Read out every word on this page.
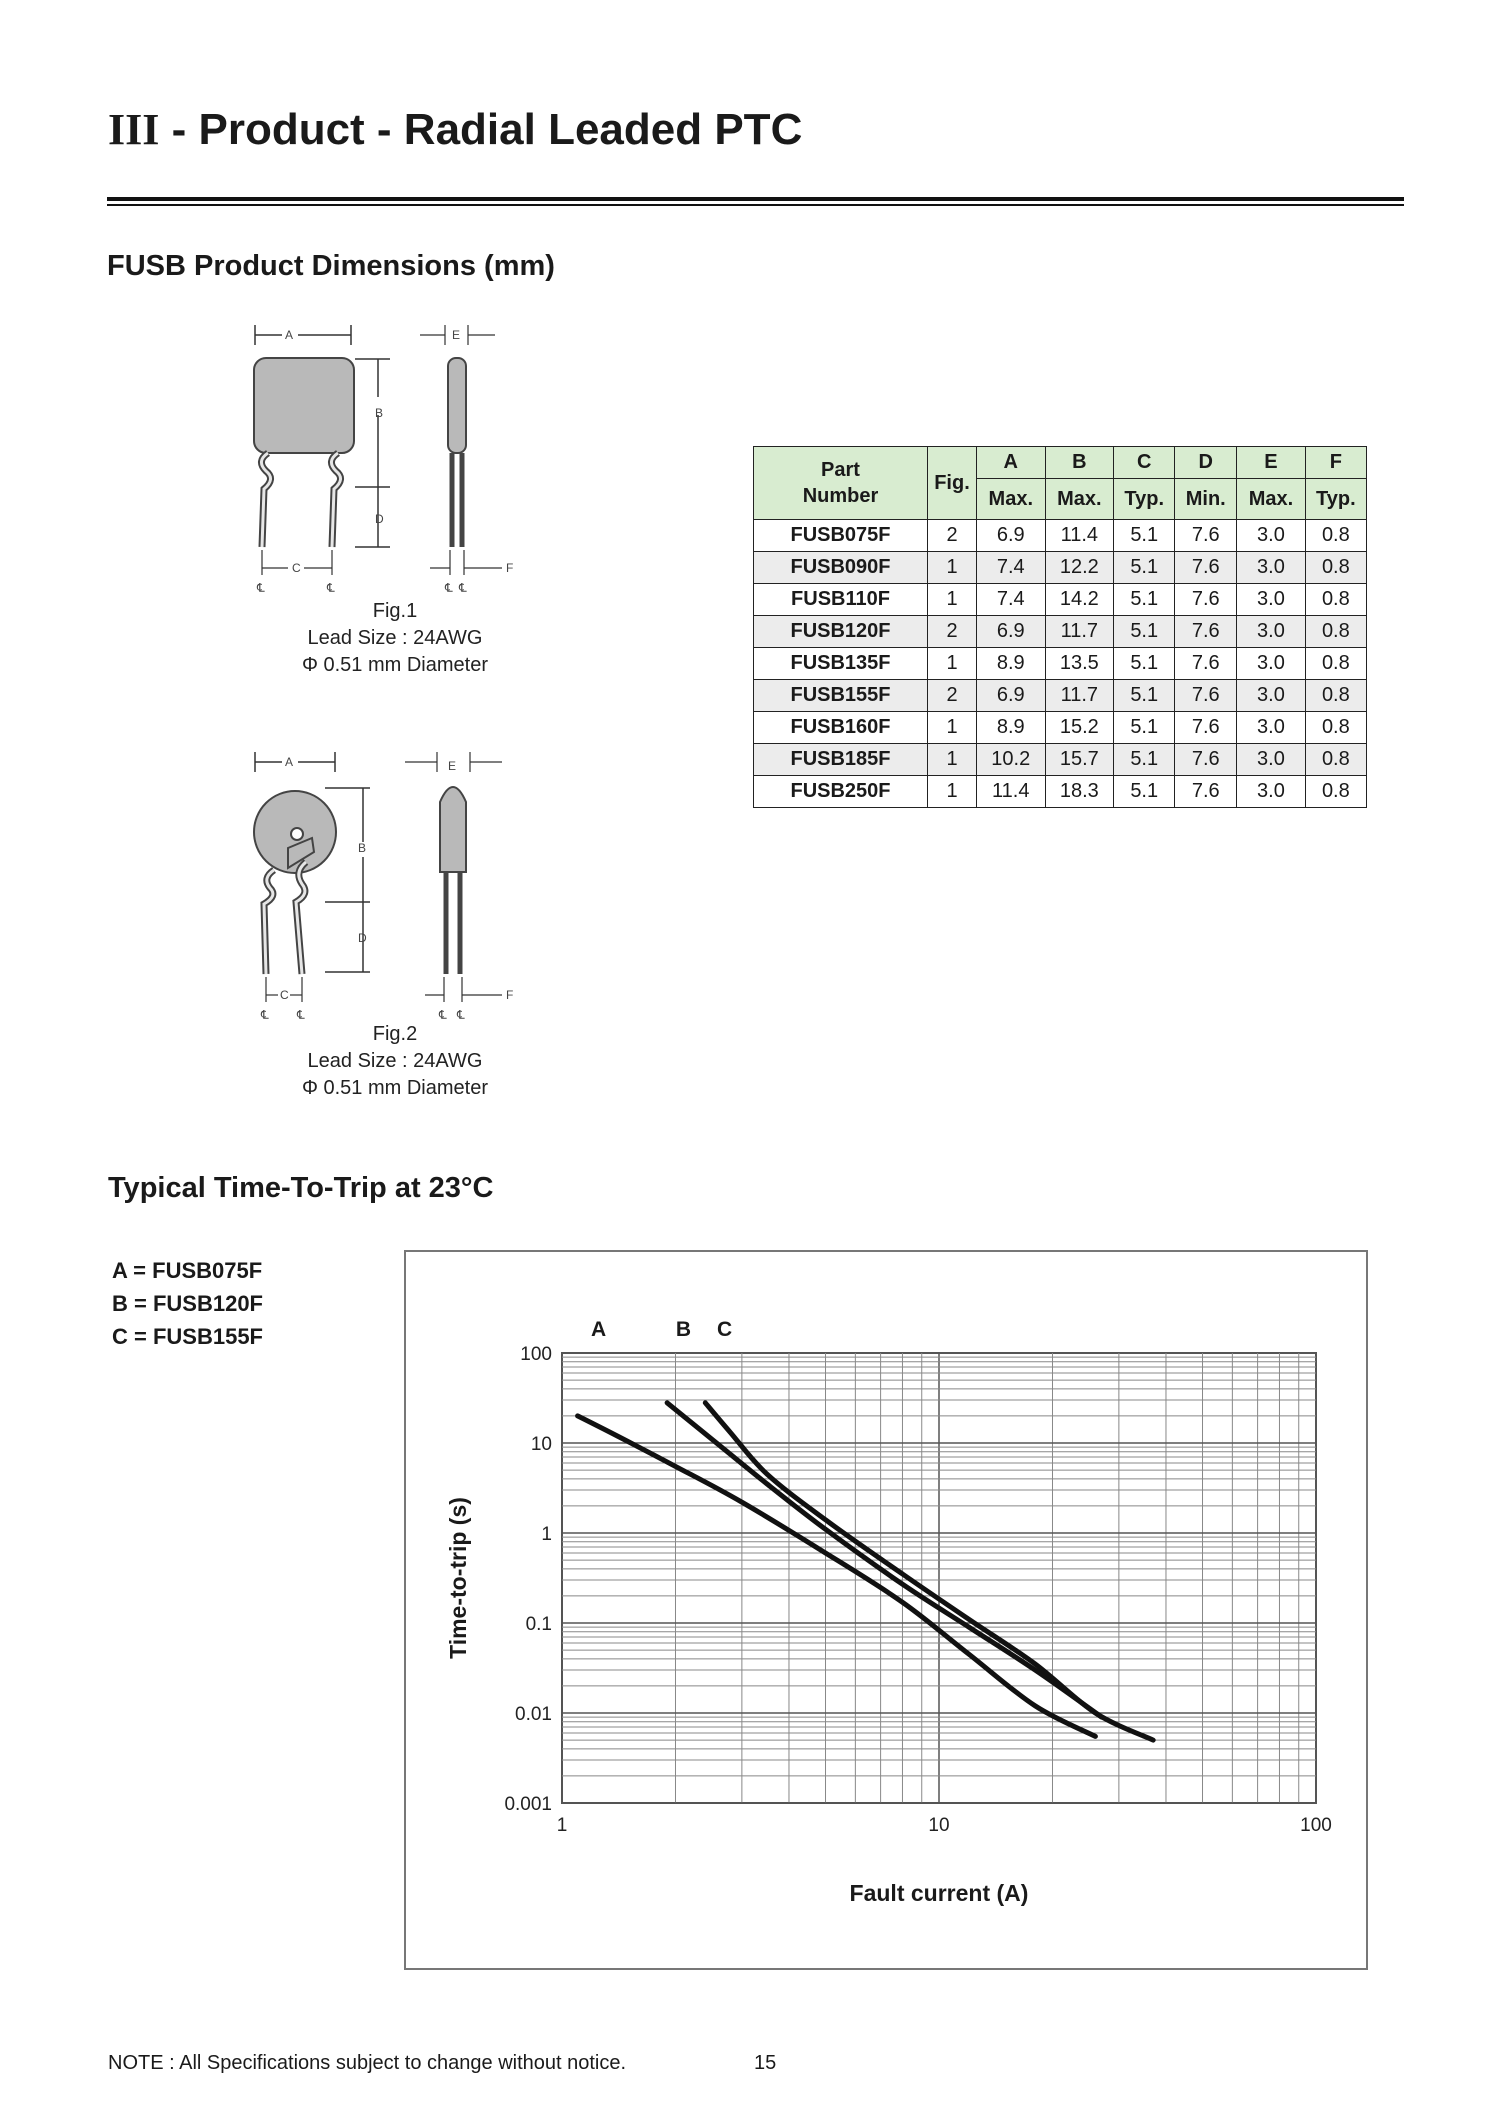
III - Product - Radial Leaded PTC
FUSB Product Dimensions (mm)
A
B
D
C
E
F
℄	℄	℄ ℄
Fig.1
Lead Size : 24AWG
Φ 0.51 mm Diameter
A
B
D
C
E
F
℄ ℄	℄ ℄
Fig.2
Lead Size : 24AWG
Φ 0.51 mm Diameter
Part Number	Fig.	A	B	C	D	E	F
		Max.	Max.	Typ.	Min.	Max.	Typ.
FUSB075F	2	6.9	11.4	5.1	7.6	3.0	0.8
FUSB090F	1	7.4	12.2	5.1	7.6	3.0	0.8
FUSB110F	1	7.4	14.2	5.1	7.6	3.0	0.8
FUSB120F	2	6.9	11.7	5.1	7.6	3.0	0.8
FUSB135F	1	8.9	13.5	5.1	7.6	3.0	0.8
FUSB155F	2	6.9	11.7	5.1	7.6	3.0	0.8
FUSB160F	1	8.9	15.2	5.1	7.6	3.0	0.8
FUSB185F	1	10.2	15.7	5.1	7.6	3.0	0.8
FUSB250F	1	11.4	18.3	5.1	7.6	3.0	0.8
Typical Time-To-Trip at 23°C
A = FUSB075F
B = FUSB120F
C = FUSB155F
100
10
1
0.1
0.01
0.001
1	10	100
Fault current (A)
Time-to-trip (s)
A	B C
NOTE : All Specifications subject to change without notice.	15
